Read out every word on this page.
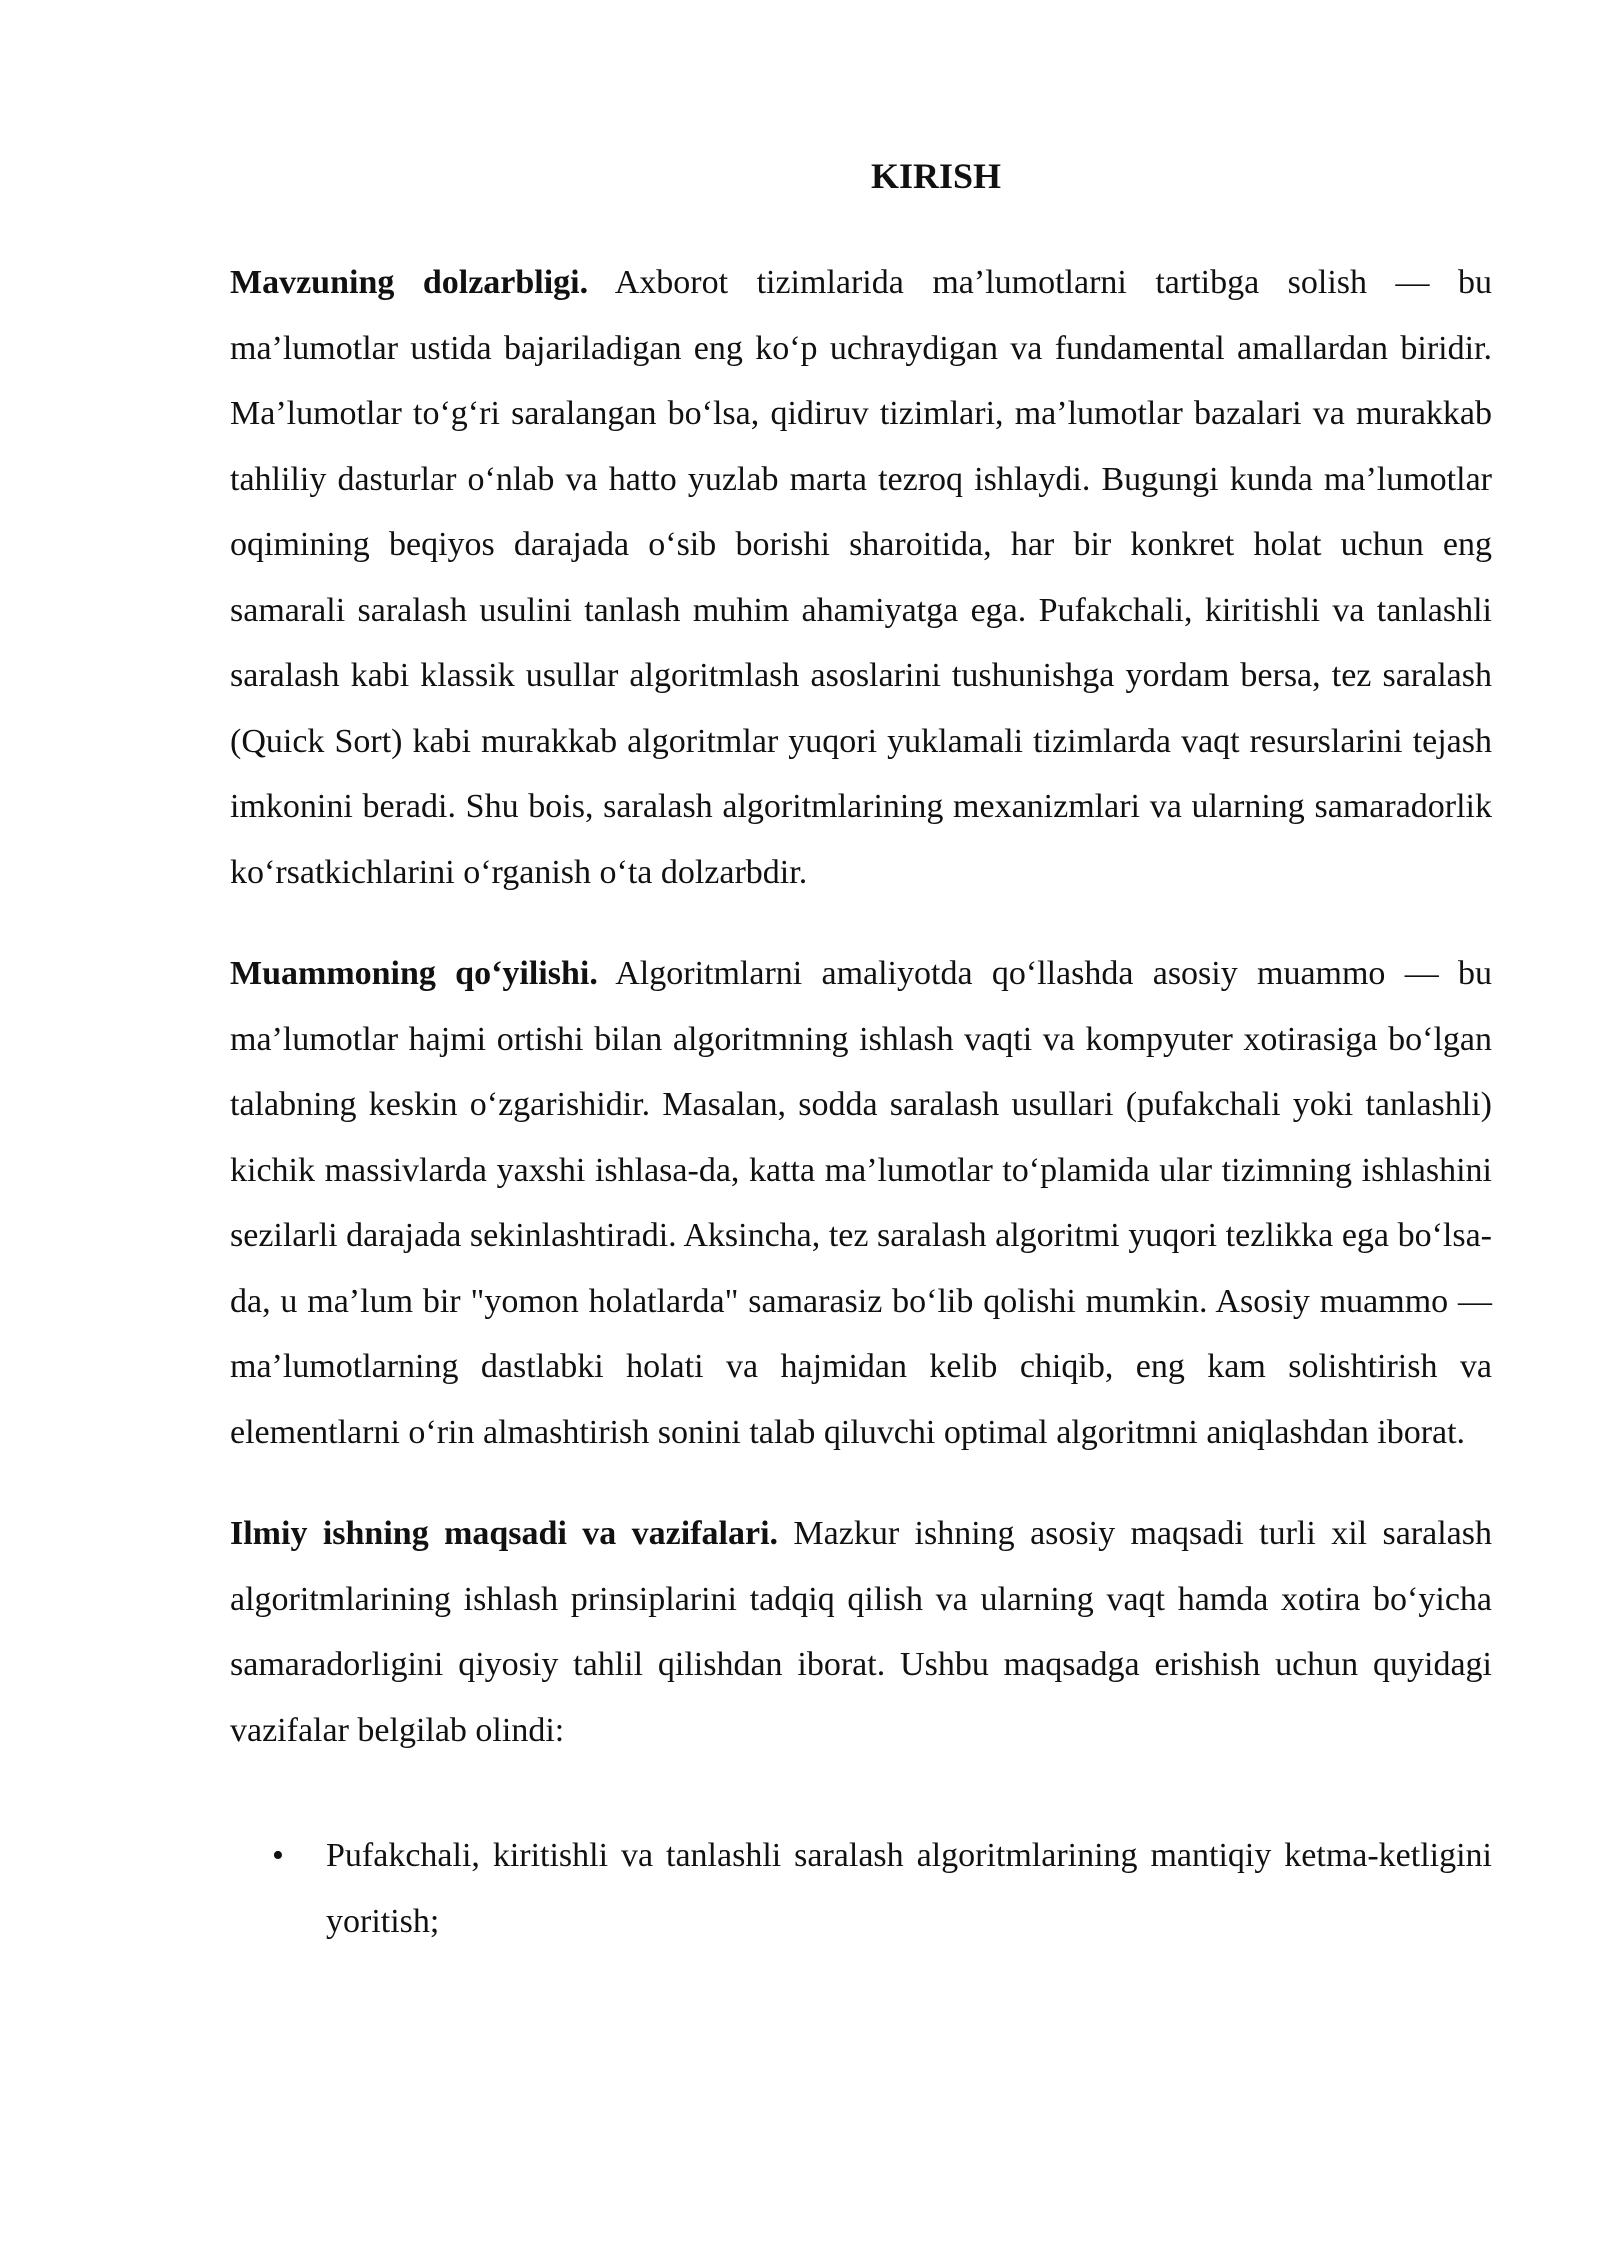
KIRISH

Mavzuning dolzarbligi. Axborot tizimlarida ma’lumotlarni tartibga solish — bu ma’lumotlar ustida bajariladigan eng ko‘p uchraydigan va fundamental amallardan biridir. Ma’lumotlar to‘g‘ri saralangan bo‘lsa, qidiruv tizimlari, ma’lumotlar bazalari va murakkab tahliliy dasturlar o‘nlab va hatto yuzlab marta tezroq ishlaydi. Bugungi kunda ma’lumotlar oqimining beqiyos darajada o‘sib borishi sharoitida, har bir konkret holat uchun eng samarali saralash usulini tanlash muhim ahamiyatga ega. Pufakchali, kiritishli va tanlashli saralash kabi klassik usullar algoritmlash asoslarini tushunishga yordam bersa, tez saralash (Quick Sort) kabi murakkab algoritmlar yuqori yuklamali tizimlarda vaqt resurslarini tejash imkonini beradi. Shu bois, saralash algoritmlarining mexanizmlari va ularning samaradorlik ko‘rsatkichlarini o‘rganish o‘ta dolzarbdir.

Muammoning qo‘yilishi. Algoritmlarni amaliyotda qo‘llashda asosiy muammo — bu ma’lumotlar hajmi ortishi bilan algoritmning ishlash vaqti va kompyuter xotirasiga bo‘lgan talabning keskin o‘zgarishidir. Masalan, sodda saralash usullari (pufakchali yoki tanlashli) kichik massivlarda yaxshi ishlasa-da, katta ma’lumotlar to‘plamida ular tizimning ishlashini sezilarli darajada sekinlashtiradi. Aksincha, tez saralash algoritmi yuqori tezlikka ega bo‘lsa-da, u ma’lum bir "yomon holatlarda" samarasiz bo‘lib qolishi mumkin. Asosiy muammo — ma’lumotlarning dastlabki holati va hajmidan kelib chiqib, eng kam solishtirish va elementlarni o‘rin almashtirish sonini talab qiluvchi optimal algoritmni aniqlashdan iborat.

Ilmiy ishning maqsadi va vazifalari. Mazkur ishning asosiy maqsadi turli xil saralash algoritmlarining ishlash prinsiplarini tadqiq qilish va ularning vaqt hamda xotira bo‘yicha samaradorligini qiyosiy tahlil qilishdan iborat. Ushbu maqsadga erishish uchun quyidagi vazifalar belgilab olindi:

• Pufakchali, kiritishli va tanlashli saralash algoritmlarining mantiqiy ketma-ketligini yoritish;
